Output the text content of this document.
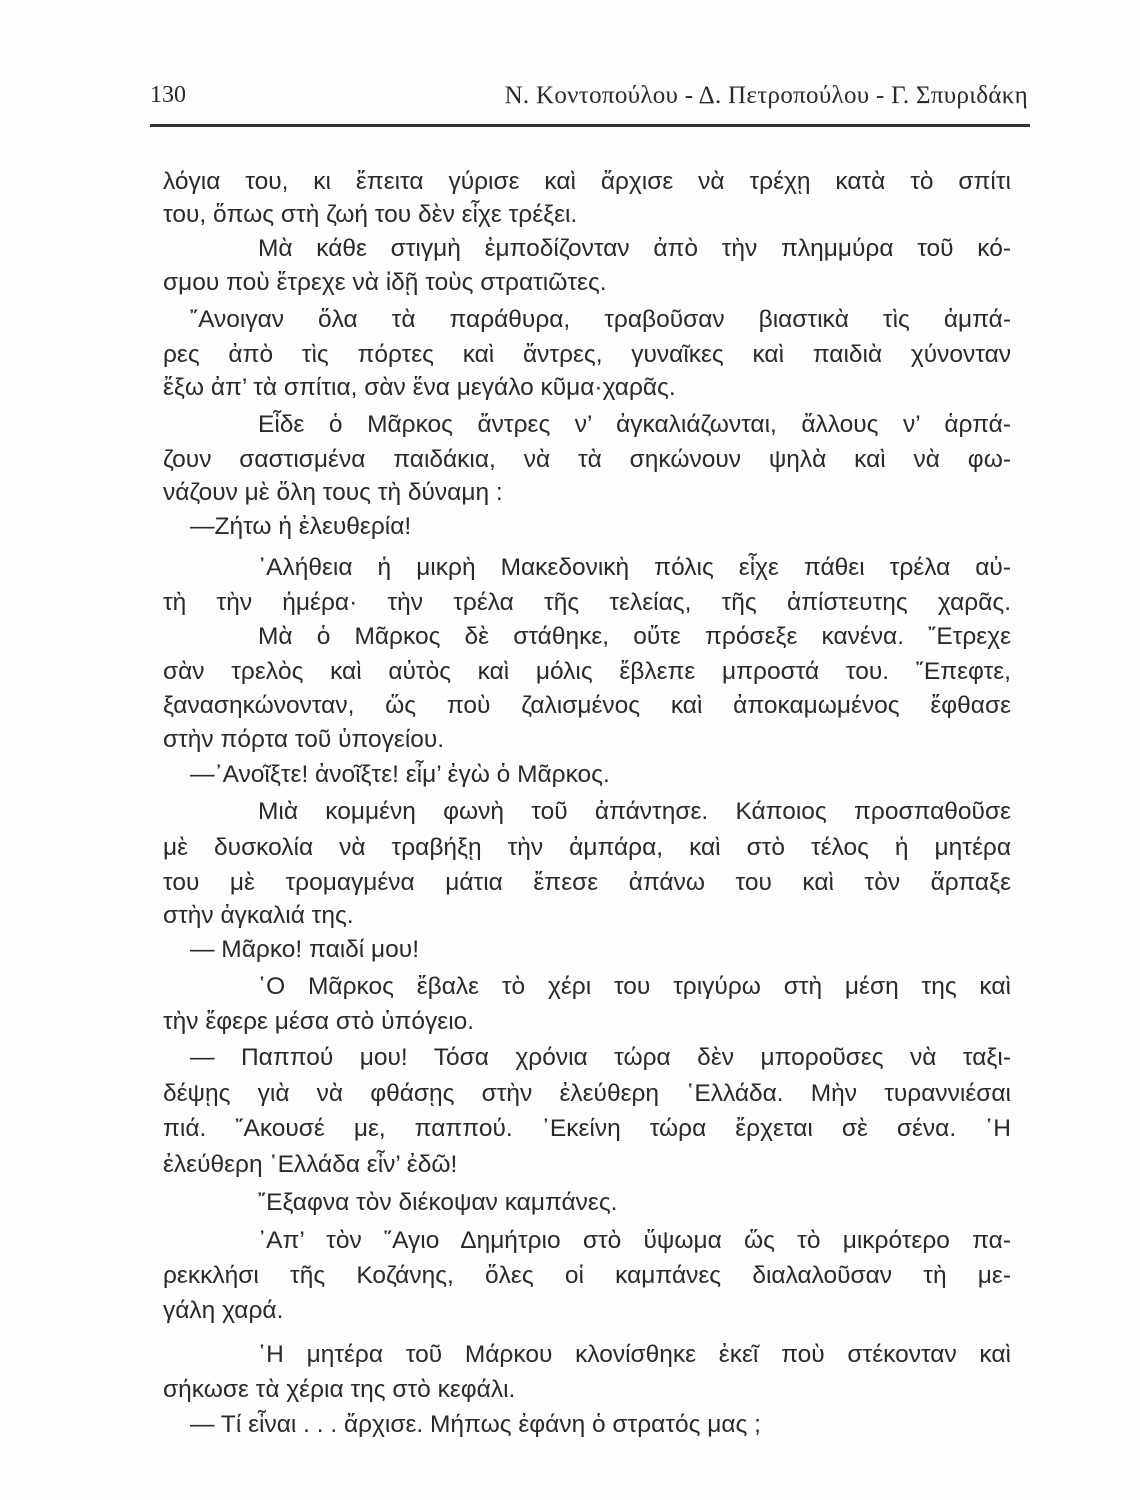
130	Ν. Κοντοπούλου - Δ. Πετροπούλου - Γ. Σπυριδάκη
λόγια του, κι ἔπειτα γύρισε καὶ ἄρχισε νὰ τρέχῃ κατὰ τὸ σπίτι
του, ὅπως στὴ ζωή του δὲν εἶχε τρέξει.
Μὰ κάθε στιγμὴ ἐμποδίζονταν ἀπὸ τὴν πλημμύρα τοῦ κό-
σμου ποὺ ἔτρεχε νὰ ἰδῇ τοὺς στρατιῶτες.
῎Ανοιγαν ὅλα τὰ παράθυρα, τραβοῦσαν βιαστικὰ τὶς ἀμπά-
ρες ἀπὸ τὶς πόρτες καὶ ἄντρες, γυναῖκες καὶ παιδιὰ χύνονταν
ἔξω ἀπ’ τὰ σπίτια, σὰν ἕνα μεγάλο κῦμα·χαρᾶς.
Εἶδε ὁ Μᾶρκος ἄντρες ν’ ἀγκαλιάζωνται, ἄλλους ν’ ἁρπά-
ζουν σαστισμένα παιδάκια, νὰ τὰ σηκώνουν ψηλὰ καὶ νὰ φω-
νάζουν μὲ ὅλη τους τὴ δύναμη :
—Ζήτω ἡ ἐλευθερία!
᾿Αλήθεια ἡ μικρὴ Μακεδονικὴ πόλις εἶχε πάθει τρέλα αὐ-
τὴ τὴν ἡμέρα· τὴν τρέλα τῆς τελείας, τῆς ἀπίστευτης χαρᾶς.
Μὰ ὁ Μᾶρκος δὲ στάθηκε, οὔτε πρόσεξε κανένα. ῎Ετρεχε
σὰν τρελὸς καὶ αὐτὸς καὶ μόλις ἔβλεπε μπροστά του. ῎Επεφτε,
ξανασηκώνονταν, ὥς ποὺ ζαλισμένος καὶ ἀποκαμωμένος ἔφθασε
στὴν πόρτα τοῦ ὑπογείου.
—᾿Ανοῖξτε! ἀνοῖξτε! εἶμ’ ἐγὼ ὁ Μᾶρκος.
Μιὰ κομμένη φωνὴ τοῦ ἀπάντησε. Κάποιος προσπαθοῦσε
μὲ δυσκολία νὰ τραβήξῃ τὴν ἀμπάρα, καὶ στὸ τέλος ἡ μητέρα
του μὲ τρομαγμένα μάτια ἔπεσε ἀπάνω του καὶ τὸν ἅρπαξε
στὴν ἀγκαλιά της.
— Μᾶρκο! παιδί μου!
῾Ο Μᾶρκος ἔβαλε τὸ χέρι του τριγύρω στὴ μέση της καὶ
τὴν ἔφερε μέσα στὸ ὑπόγειο.
— Παππού μου! Τόσα χρόνια τώρα δὲν μποροῦσες νὰ ταξι-
δέψῃς γιὰ νὰ φθάσῃς στὴν ἐλεύθερη ῾Ελλάδα. Μὴν τυραννιέσαι
πιά. ῎Ακουσέ με, παππού. ᾿Εκείνη τώρα ἔρχεται σὲ σένα. ῾Η
ἐλεύθερη ῾Ελλάδα εἶν’ ἐδῶ!
῎Εξαφνα τὸν διέκοψαν καμπάνες.
᾿Απ’ τὸν ῞Αγιο Δημήτριο στὸ ὕψωμα ὥς τὸ μικρότερο πα-
ρεκκλήσι τῆς Κοζάνης, ὅλες οἱ καμπάνες διαλαλοῦσαν τὴ με-
γάλη χαρά.
῾Η μητέρα τοῦ Μάρκου κλονίσθηκε ἐκεῖ ποὺ στέκονταν καὶ
σήκωσε τὰ χέρια της στὸ κεφάλι.
— Τί εἶναι . . . ἄρχισε. Μήπως ἐφάνη ὁ στρατός μας ;
